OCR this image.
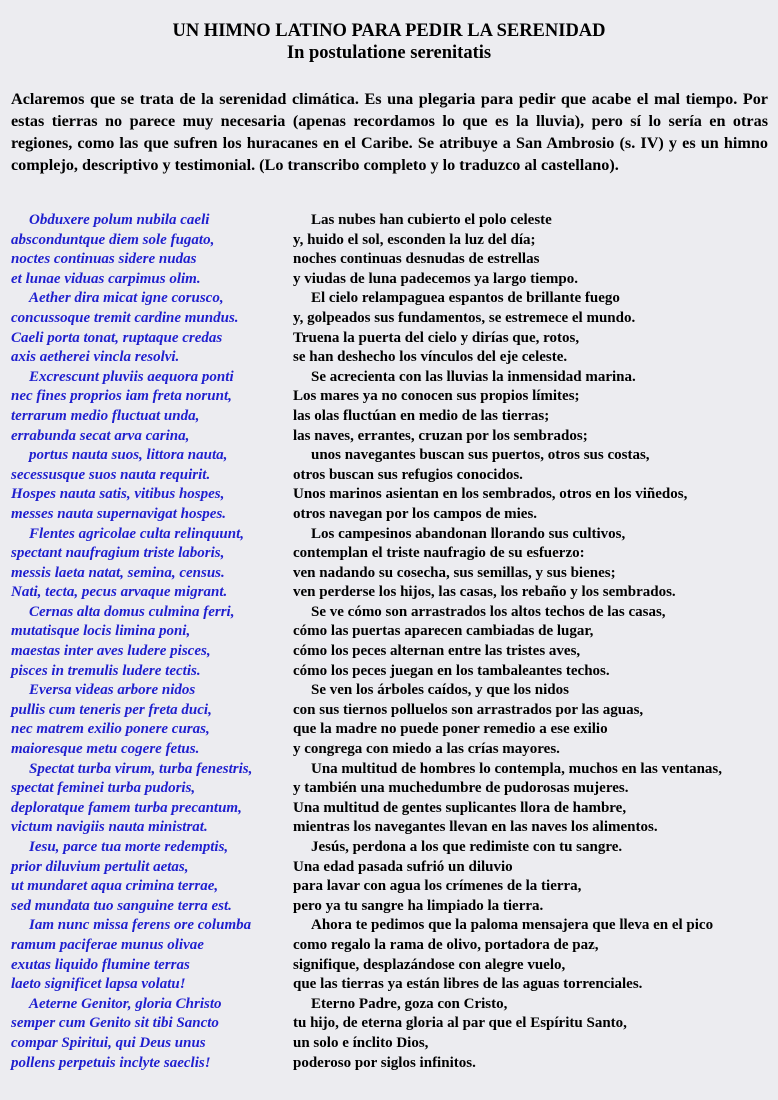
UN HIMNO LATINO PARA PEDIR LA SERENIDAD
In postulatione serenitatis

Aclaremos que se trata de la serenidad climática. Es una plegaria para pedir que acabe el mal tiempo. Por estas tierras no parece muy necesaria (apenas recordamos lo que es la lluvia), pero sí lo sería en otras regiones, como las que sufren los huracanes en el Caribe. Se atribuye a San Ambrosio (s. IV) y es un himno complejo, descriptivo y testimonial. (Lo transcribo completo y lo traduzco al castellano).

Obduxere polum nubila caeli
absconduntque diem sole fugato,
noctes continuas sidere nudas
et lunae viduas carpimus olim.
Aether dira micat igne corusco,
concussoque tremit cardine mundus.
Caeli porta tonat, ruptaque credas
axis aetherei vincla resolvi.
Excrescunt pluviis aequora ponti
nec fines proprios iam freta norunt,
terrarum medio fluctuat unda,
errabunda secat arva carina,
portus nauta suos, littora nauta,
secessusque suos nauta requirit.
Hospes nauta satis, vitibus hospes,
messes nauta supernavigat hospes.
Flentes agricolae culta relinquunt,
spectant naufragium triste laboris,
messis laeta natat, semina, census.
Nati, tecta, pecus arvaque migrant.
Cernas alta domus culmina ferri,
mutatisque locis limina poni,
maestas inter aves ludere pisces,
pisces in tremulis ludere tectis.
Eversa videas arbore nidos
pullis cum teneris per freta duci,
nec matrem exilio ponere curas,
maioresque metu cogere fetus.
Spectat turba virum, turba fenestris,
spectat feminei turba pudoris,
deploratque famem turba precantum,
victum navigiis nauta ministrat.
Iesu, parce tua morte redemptis,
prior diluvium pertulit aetas,
ut mundaret aqua crimina terrae,
sed mundata tuo sanguine terra est.
Iam nunc missa ferens ore columba
ramum paciferae munus olivae
exutas liquido flumine terras
laeto significet lapsa volatu!
Aeterne Genitor, gloria Christo
semper cum Genito sit tibi Sancto
compar Spiritui, qui Deus unus
pollens perpetuis inclyte saeclis!
Las nubes han cubierto el polo celeste
y, huido el sol, esconden la luz del día;
noches continuas desnudas de estrellas
y viudas de luna padecemos ya largo tiempo.
El cielo relampaguea espantos de brillante fuego
y, golpeados sus fundamentos, se estremece el mundo.
Truena la puerta del cielo y dirías que, rotos,
se han deshecho los vínculos del eje celeste.
Se acrecienta con las lluvias la inmensidad marina.
Los mares ya no conocen sus propios límites;
las olas fluctúan en medio de las tierras;
las naves, errantes, cruzan por los sembrados;
unos navegantes buscan sus puertos, otros sus costas,
otros buscan sus refugios conocidos.
Unos marinos asientan en los sembrados, otros en los viñedos,
otros navegan por los campos de mies.
Los campesinos abandonan llorando sus cultivos,
contemplan el triste naufragio de su esfuerzo:
ven nadando su cosecha, sus semillas, y sus bienes;
ven perderse los hijos, las casas, los rebaño y los sembrados.
Se ve cómo son arrastrados los altos techos de las casas,
cómo las puertas aparecen cambiadas de lugar,
cómo los peces alternan entre las tristes aves,
cómo los peces juegan en los tambaleantes techos.
Se ven los árboles caídos, y que los nidos
con sus tiernos polluelos son arrastrados por las aguas,
que la madre no puede poner remedio a ese exilio
y congrega con miedo a las crías mayores.
Una multitud de hombres lo contempla, muchos en las ventanas,
y también una muchedumbre de pudorosas mujeres.
Una multitud de gentes suplicantes llora de hambre,
mientras los navegantes llevan en las naves los alimentos.
Jesús, perdona a los que redimiste con tu sangre.
Una edad pasada sufrió un diluvio
para lavar con agua los crímenes de la tierra,
pero ya tu sangre ha limpiado la tierra.
Ahora te pedimos que la paloma mensajera que lleva en el pico
como regalo la rama de olivo, portadora de paz,
signifique, desplazándose con alegre vuelo,
que las tierras ya están libres de las aguas torrenciales.
Eterno Padre, goza con Cristo,
tu hijo, de eterna gloria al par que el Espíritu Santo,
un solo e ínclito Dios,
poderoso por siglos infinitos.
